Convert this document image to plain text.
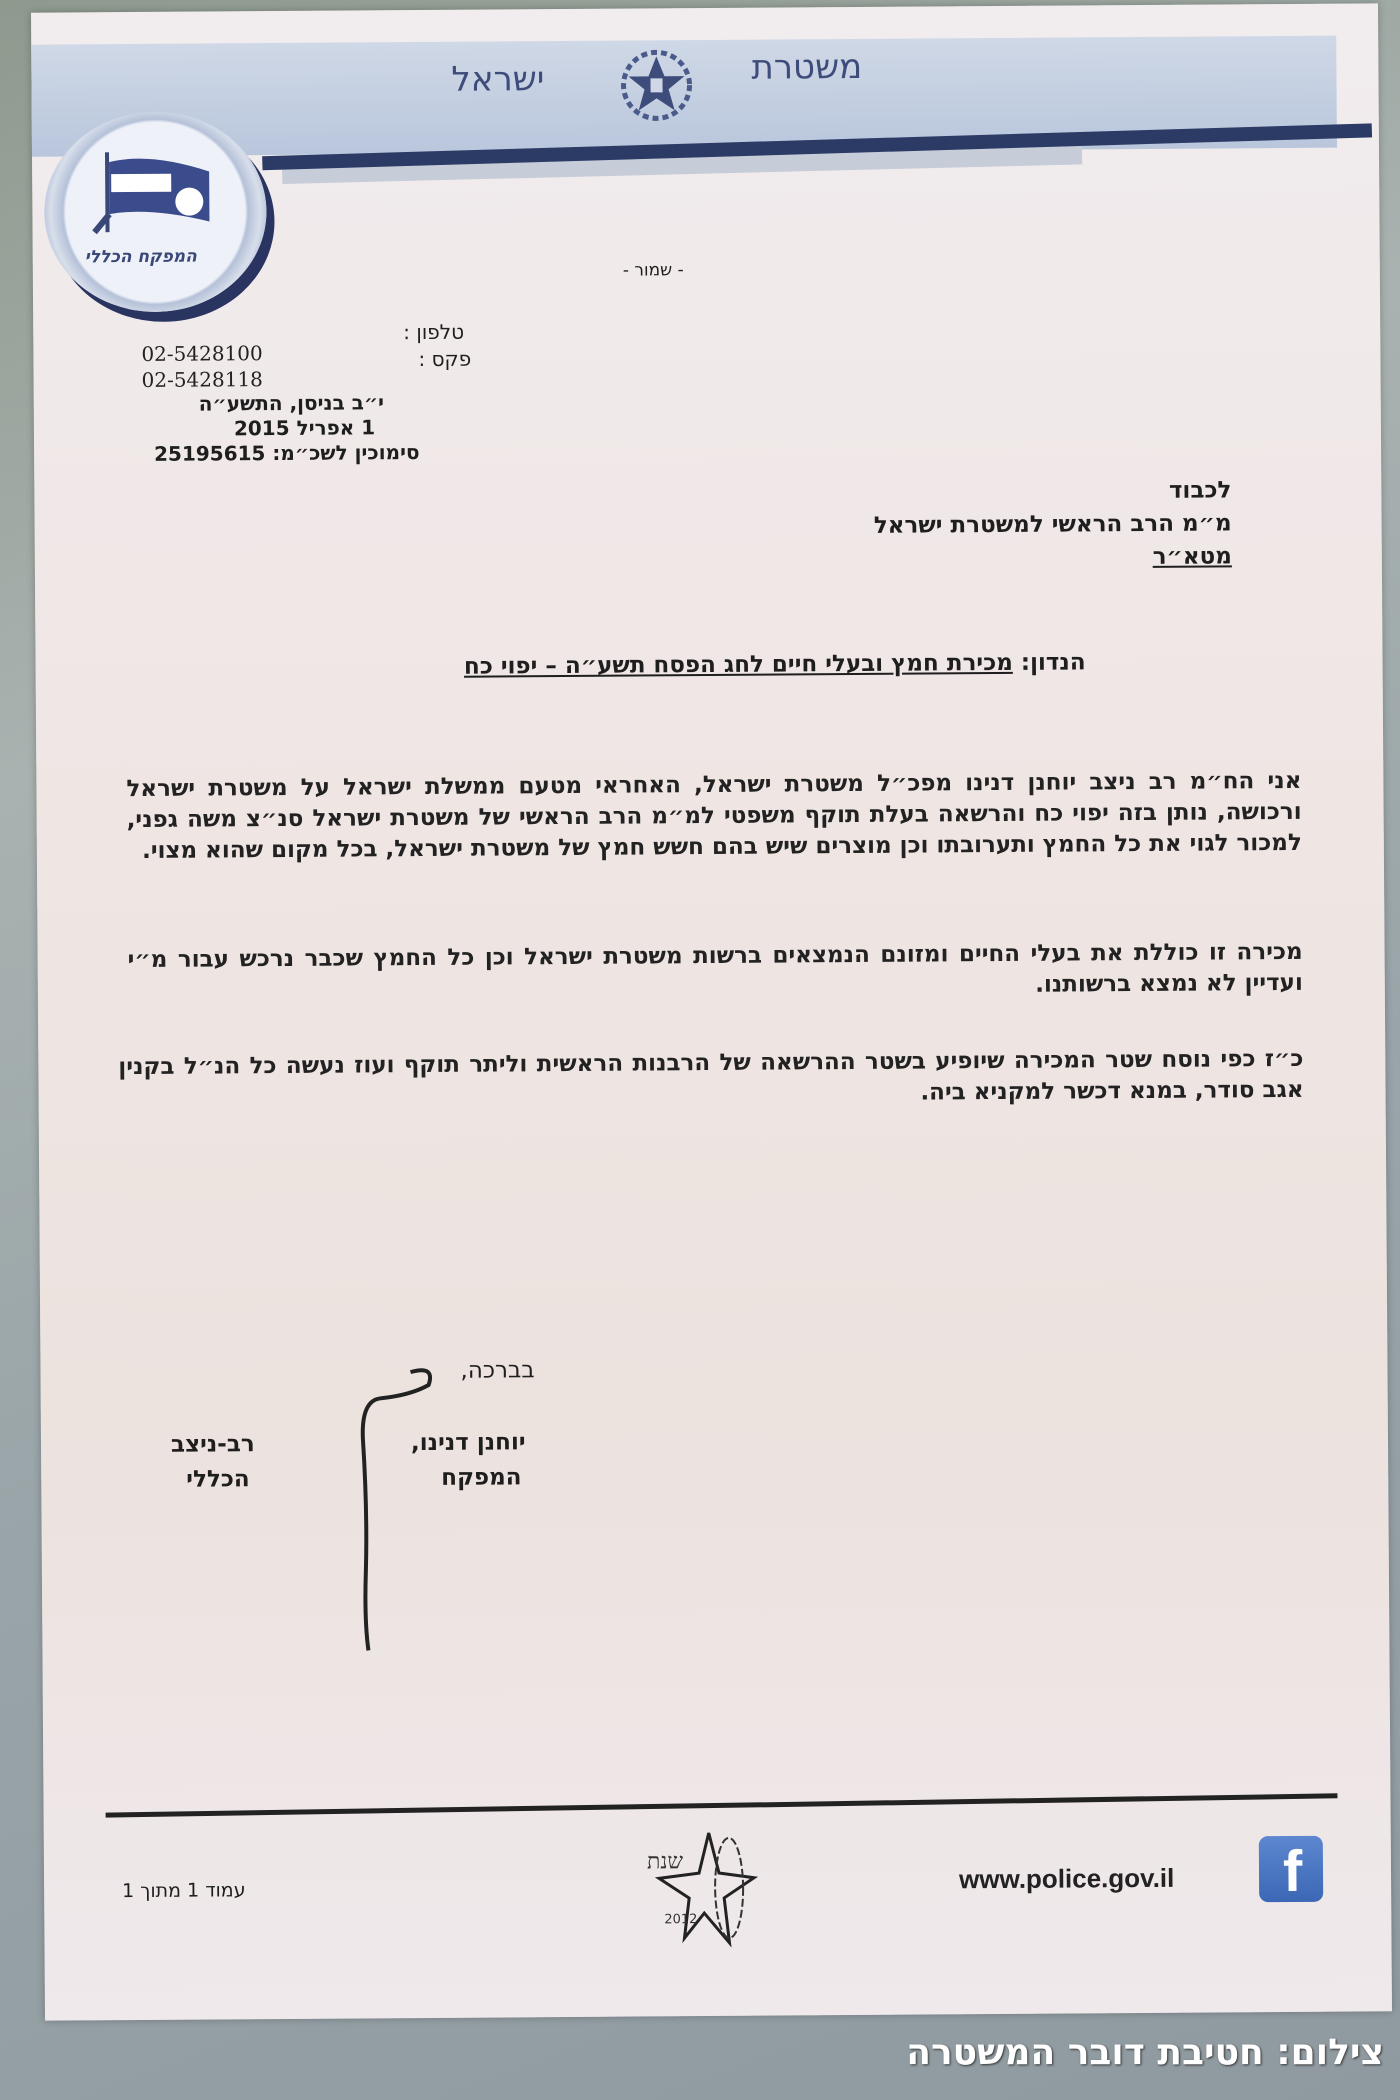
משטרת
ישראל
המפקח הכללי
- שמור -
טלפון :
פקס :
02-5428100
02-5428118
י״ב בניסן, התשע״ה
1 אפריל 2015
סימוכין לשכ״מ: 25195615
לכבוד
מ״מ הרב הראשי למשטרת ישראל
מטא״ר
הנדון: מכירת חמץ ובעלי חיים לחג הפסח תשע״ה – יפוי כח
אני הח״מ רב ניצב יוחנן דנינו מפכ״ל משטרת ישראל, האחראי מטעם ממשלת ישראל על משטרת ישראל ורכושה, נותן בזה יפוי כח והרשאה בעלת תוקף משפטי למ״מ הרב הראשי של משטרת ישראל סנ״צ משה גפני, למכור לגוי את כל החמץ ותערובתו וכן מוצרים שיש בהם חשש חמץ של משטרת ישראל, בכל מקום שהוא מצוי.
מכירה זו כוללת את בעלי החיים ומזונם הנמצאים ברשות משטרת ישראל וכן כל החמץ שכבר נרכש עבור מ״י ועדיין לא נמצא ברשותנו.
כ״ז כפי נוסח שטר המכירה שיופיע בשטר ההרשאה של הרבנות הראשית וליתר תוקף ועוז נעשה כל הנ״ל בקנין אגב סודר, במנא דכשר למקניא ביה.
בברכה,
יוחנן דנינו,
המפקח
רב-ניצב
הכללי
עמוד 1 מתוך 1
שנת
2012
www.police.gov.il f
צילום: חטיבת דובר המשטרה
